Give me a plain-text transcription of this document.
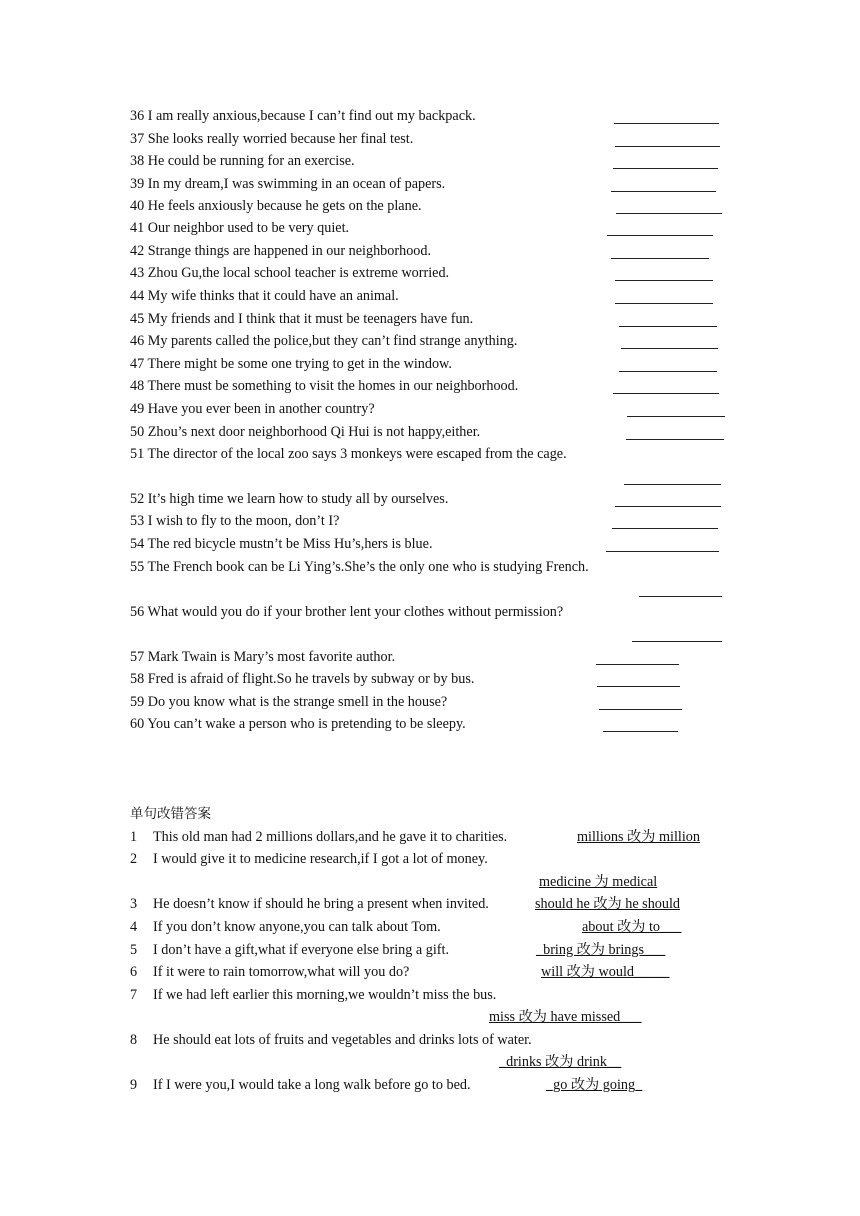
36 I am really anxious,because I can’t find out my backpack.
37 She looks really worried because her final test.
38 He could be running for an exercise.
39 In my dream,I was swimming in an ocean of papers.
40 He feels anxiously because he gets on the plane.
41 Our neighbor used to be very quiet.
42 Strange things are happened in our neighborhood.
43 Zhou Gu,the local school teacher is extreme worried.
44 My wife thinks that it could have an animal.
45 My friends and I think that it must be teenagers have fun.
46 My parents called the police,but they can’t find strange anything.
47 There might be some one trying to get in the window.
48 There must be something to visit the homes in our neighborhood.
49 Have you ever been in another country?
50 Zhou’s next door neighborhood Qi Hui is not happy,either.
51 The director of the local zoo says 3 monkeys were escaped from the cage.
52 It’s high time we learn how to study all by ourselves.
53 I wish to fly to the moon, don’t I?
54 The red bicycle mustn’t be Miss Hu’s,hers is blue.
55 The French book can be Li Ying’s.She’s the only one who is studying French.
56 What would you do if your brother lent your clothes without permission?
57 Mark Twain is Mary’s most favorite author.
58 Fred is afraid of flight.So he travels by subway or by bus.
59 Do you know what is the strange smell in the house?
60 You can’t wake a person who is pretending to be sleepy.
单句改错答案
1 This old man had 2 millions dollars,and he gave it to charities.	millions 改为 million
2 I would give it to medicine research,if I got a lot of money.
medicine 为 medical
3 He doesn’t know if should he bring a present when invited.	should he 改为 he should
4 If you don’t know anyone,you can talk about Tom.	about 改为 to___
5 I don’t have a gift,what if everyone else bring a gift.	_bring 改为 brings___
6 If it were to rain tomorrow,what will you do?	will 改为 would_____
7 If we had left earlier this morning,we wouldn’t miss the bus.
miss 改为 have missed___
8 He should eat lots of fruits and vegetables and drinks lots of water.
_drinks 改为 drink__
9 If I were you,I would take a long walk before go to bed.	_go 改为 going_
